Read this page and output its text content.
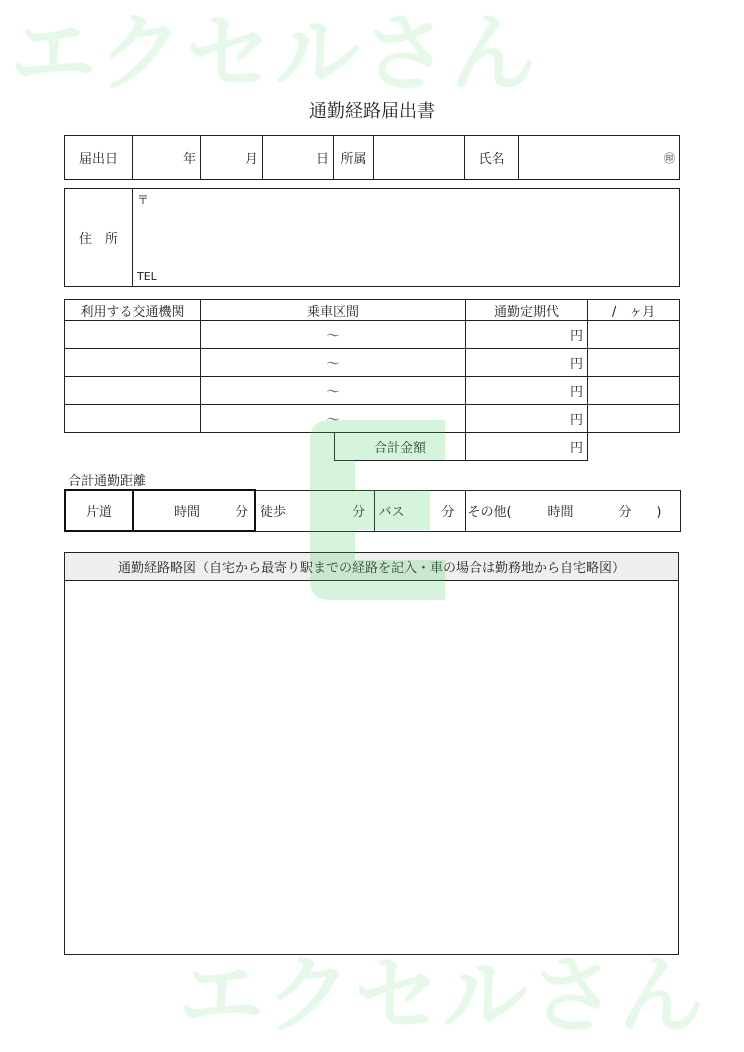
エクセルさん
エクセルさん
通勤経路届出書
届出日	年	月	日	所属		氏名	㊞
住　所	
〒
TEL
利用する交通機関	乗車区間		通勤定期代	/　ヶ月
	～		円	
	～		円	
	～		円	
	～		円	
		合計金額	円	
合計通勤距離
片道	時間	分	徒歩	分	バス	分	その他(	時間	分 )
通勤経路略図（自宅から最寄り駅までの経路を記入・車の場合は勤務地から自宅略図）
